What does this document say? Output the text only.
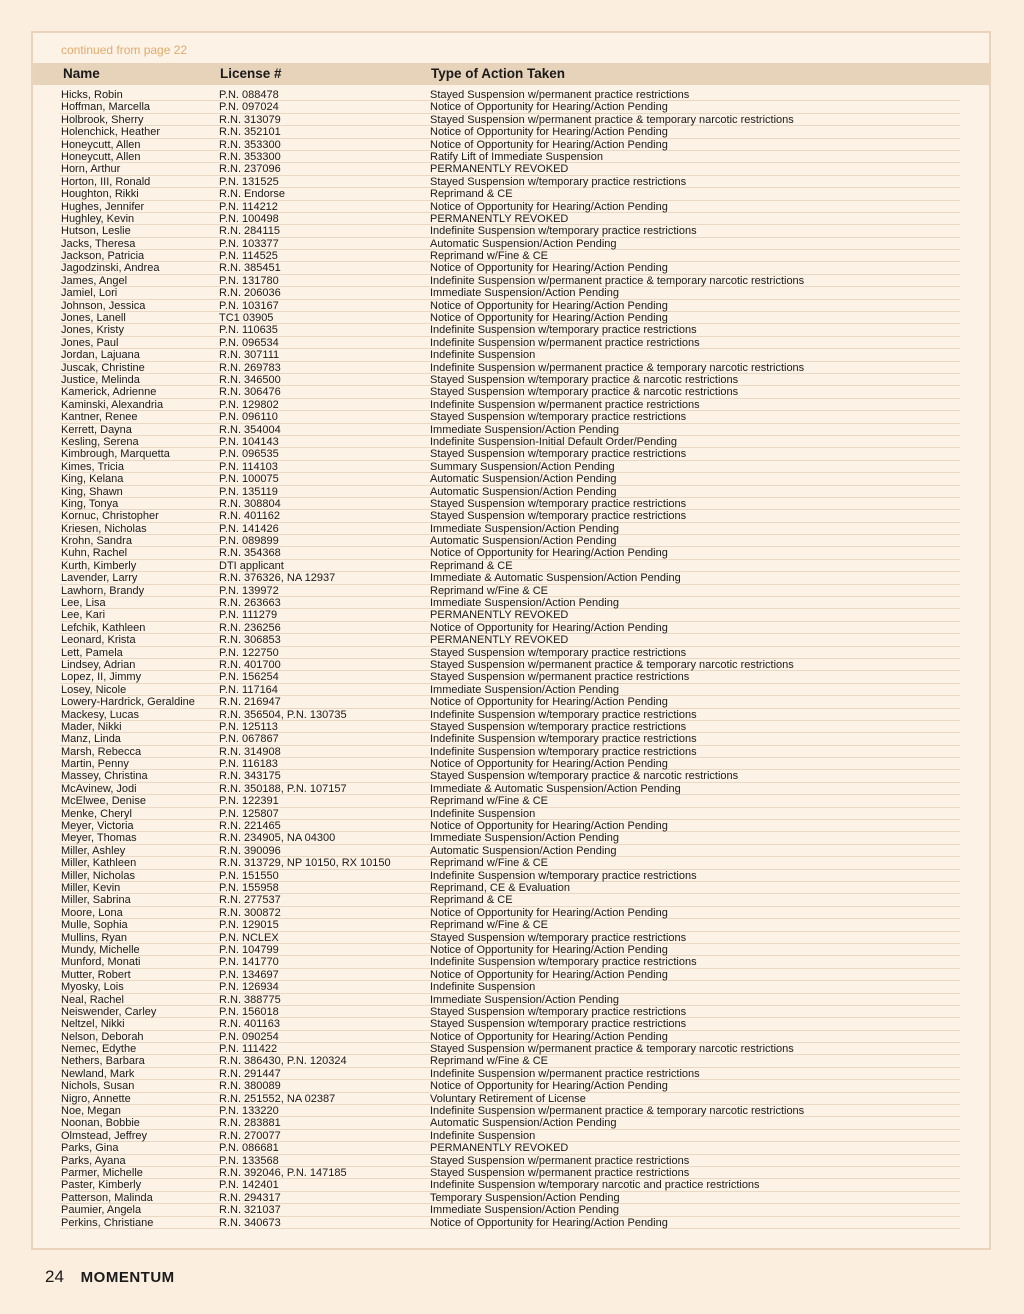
continued from page 22
Name	License #	Type of Action Taken
Hicks, Robin	P.N. 088478	Stayed Suspension w/permanent practice restrictions
Hoffman, Marcella	P.N. 097024	Notice of Opportunity for Hearing/Action Pending
Holbrook, Sherry	R.N. 313079	Stayed Suspension w/permanent practice & temporary narcotic restrictions
Holenchick, Heather	R.N. 352101	Notice of Opportunity for Hearing/Action Pending
Honeycutt, Allen	R.N. 353300	Notice of Opportunity for Hearing/Action Pending
Honeycutt, Allen	R.N. 353300	Ratify Lift of Immediate Suspension
Horn, Arthur	R.N. 237096	PERMANENTLY REVOKED
Horton, III, Ronald	P.N. 131525	Stayed Suspension w/temporary practice restrictions
Houghton, Rikki	R.N. Endorse	Reprimand & CE
Hughes, Jennifer	P.N. 114212	Notice of Opportunity for Hearing/Action Pending
Hughley, Kevin	P.N. 100498	PERMANENTLY REVOKED
Hutson, Leslie	R.N. 284115	Indefinite Suspension w/temporary practice restrictions
Jacks, Theresa	P.N. 103377	Automatic Suspension/Action Pending
Jackson, Patricia	P.N. 114525	Reprimand w/Fine & CE
Jagodzinski, Andrea	R.N. 385451	Notice of Opportunity for Hearing/Action Pending
James, Angel	P.N. 131780	Indefinite Suspension w/permanent practice & temporary narcotic restrictions
Jamiel, Lori	R.N. 206036	Immediate Suspension/Action Pending
Johnson, Jessica	P.N. 103167	Notice of Opportunity for Hearing/Action Pending
Jones, Lanell	TC1 03905	Notice of Opportunity for Hearing/Action Pending
Jones, Kristy	P.N. 110635	Indefinite Suspension w/temporary practice restrictions
Jones, Paul	P.N. 096534	Indefinite Suspension w/permanent practice restrictions
Jordan, Lajuana	R.N. 307111	Indefinite Suspension
Juscak, Christine	R.N. 269783	Indefinite Suspension w/permanent practice & temporary narcotic restrictions
Justice, Melinda	R.N. 346500	Stayed Suspension w/temporary practice & narcotic restrictions
Kamerick, Adrienne	R.N. 306476	Stayed Suspension w/temporary practice & narcotic restrictions
Kaminski, Alexandria	P.N. 129802	Indefinite Suspension w/permanent practice restrictions
Kantner, Renee	P.N. 096110	Stayed Suspension w/temporary practice restrictions
Kerrett, Dayna	R.N. 354004	Immediate Suspension/Action Pending
Kesling, Serena	P.N. 104143	Indefinite Suspension-Initial Default Order/Pending
Kimbrough, Marquetta	P.N. 096535	Stayed Suspension w/temporary practice restrictions
Kimes, Tricia	P.N. 114103	Summary Suspension/Action Pending
King, Kelana	P.N. 100075	Automatic Suspension/Action Pending
King, Shawn	P.N. 135119	Automatic Suspension/Action Pending
King, Tonya	R.N. 308804	Stayed Suspension w/temporary practice restrictions
Kornuc, Christopher	R.N. 401162	Stayed Suspension w/temporary practice restrictions
Kriesen, Nicholas	P.N. 141426	Immediate Suspension/Action Pending
Krohn, Sandra	P.N. 089899	Automatic Suspension/Action Pending
Kuhn, Rachel	R.N. 354368	Notice of Opportunity for Hearing/Action Pending
Kurth, Kimberly	DTI applicant	Reprimand & CE
Lavender, Larry	R.N. 376326, NA 12937	Immediate & Automatic Suspension/Action Pending
Lawhorn, Brandy	P.N. 139972	Reprimand w/Fine & CE
Lee, Lisa	R.N. 263663	Immediate Suspension/Action Pending
Lee, Kari	P.N. 111279	PERMANENTLY REVOKED
Lefchik, Kathleen	R.N. 236256	Notice of Opportunity for Hearing/Action Pending
Leonard, Krista	R.N. 306853	PERMANENTLY REVOKED
Lett, Pamela	P.N. 122750	Stayed Suspension w/temporary practice restrictions
Lindsey, Adrian	R.N. 401700	Stayed Suspension w/permanent practice & temporary narcotic restrictions
Lopez, II, Jimmy	P.N. 156254	Stayed Suspension w/permanent practice restrictions
Losey, Nicole	P.N. 117164	Immediate Suspension/Action Pending
Lowery-Hardrick, Geraldine R.N. 216947	Notice of Opportunity for Hearing/Action Pending
Mackesy, Lucas	R.N. 356504, P.N. 130735	Indefinite Suspension w/temporary practice restrictions
Mader, Nikki	P.N. 125113	Stayed Suspension w/temporary practice restrictions
Manz, Linda	P.N. 067867	Indefinite Suspension w/temporary practice restrictions
Marsh, Rebecca	R.N. 314908	Indefinite Suspension w/temporary practice restrictions
Martin, Penny	P.N. 116183	Notice of Opportunity for Hearing/Action Pending
Massey, Christina	R.N. 343175	Stayed Suspension w/temporary practice & narcotic restrictions
McAvinew, Jodi	R.N. 350188, P.N. 107157	Immediate & Automatic Suspension/Action Pending
McElwee, Denise	P.N. 122391	Reprimand w/Fine & CE
Menke, Cheryl	P.N. 125807	Indefinite Suspension
Meyer, Victoria	R.N. 221465	Notice of Opportunity for Hearing/Action Pending
Meyer, Thomas	R.N. 234905, NA 04300	Immediate Suspension/Action Pending
Miller, Ashley	R.N. 390096	Automatic Suspension/Action Pending
Miller, Kathleen	R.N. 313729, NP 10150, RX 10150	Reprimand w/Fine & CE
Miller, Nicholas	P.N. 151550	Indefinite Suspension w/temporary practice restrictions
Miller, Kevin	P.N. 155958	Reprimand, CE & Evaluation
Miller, Sabrina	R.N. 277537	Reprimand & CE
Moore, Lona	R.N. 300872	Notice of Opportunity for Hearing/Action Pending
Mulle, Sophia	P.N. 129015	Reprimand w/Fine & CE
Mullins, Ryan	P.N. NCLEX	Stayed Suspension w/temporary practice restrictions
Mundy, Michelle	P.N. 104799	Notice of Opportunity for Hearing/Action Pending
Munford, Monati	P.N. 141770	Indefinite Suspension w/temporary practice restrictions
Mutter, Robert	P.N. 134697	Notice of Opportunity for Hearing/Action Pending
Myosky, Lois	P.N. 126934	Indefinite Suspension
Neal, Rachel	R.N. 388775	Immediate Suspension/Action Pending
Neiswender, Carley	P.N. 156018	Stayed Suspension w/temporary practice restrictions
Neltzel, Nikki	R.N. 401163	Stayed Suspension w/temporary practice restrictions
Nelson, Deborah	P.N. 090254	Notice of Opportunity for Hearing/Action Pending
Nemec, Edythe	P.N. 111422	Stayed Suspension w/permanent practice & temporary narcotic restrictions
Nethers, Barbara	R.N. 386430, P.N. 120324	Reprimand w/Fine & CE
Newland, Mark	R.N. 291447	Indefinite Suspension w/permanent practice restrictions
Nichols, Susan	R.N. 380089	Notice of Opportunity for Hearing/Action Pending
Nigro, Annette	R.N. 251552, NA 02387	Voluntary Retirement of License
Noe, Megan	P.N. 133220	Indefinite Suspension w/permanent practice & temporary narcotic restrictions
Noonan, Bobbie	R.N. 283881	Automatic Suspension/Action Pending
Olmstead, Jeffrey	R.N. 270077	Indefinite Suspension
Parks, Gina	P.N. 086681	PERMANENTLY REVOKED
Parks, Ayana	P.N. 133568	Stayed Suspension w/permanent practice restrictions
Parmer, Michelle	R.N. 392046, P.N. 147185	Stayed Suspension w/permanent practice restrictions
Paster, Kimberly	P.N. 142401	Indefinite Suspension w/temporary narcotic and practice restrictions
Patterson, Malinda	R.N. 294317	Temporary Suspension/Action Pending
Paumier, Angela	R.N. 321037	Immediate Suspension/Action Pending
Perkins, Christiane	R.N. 340673	Notice of Opportunity for Hearing/Action Pending
24 MOMENTUM
